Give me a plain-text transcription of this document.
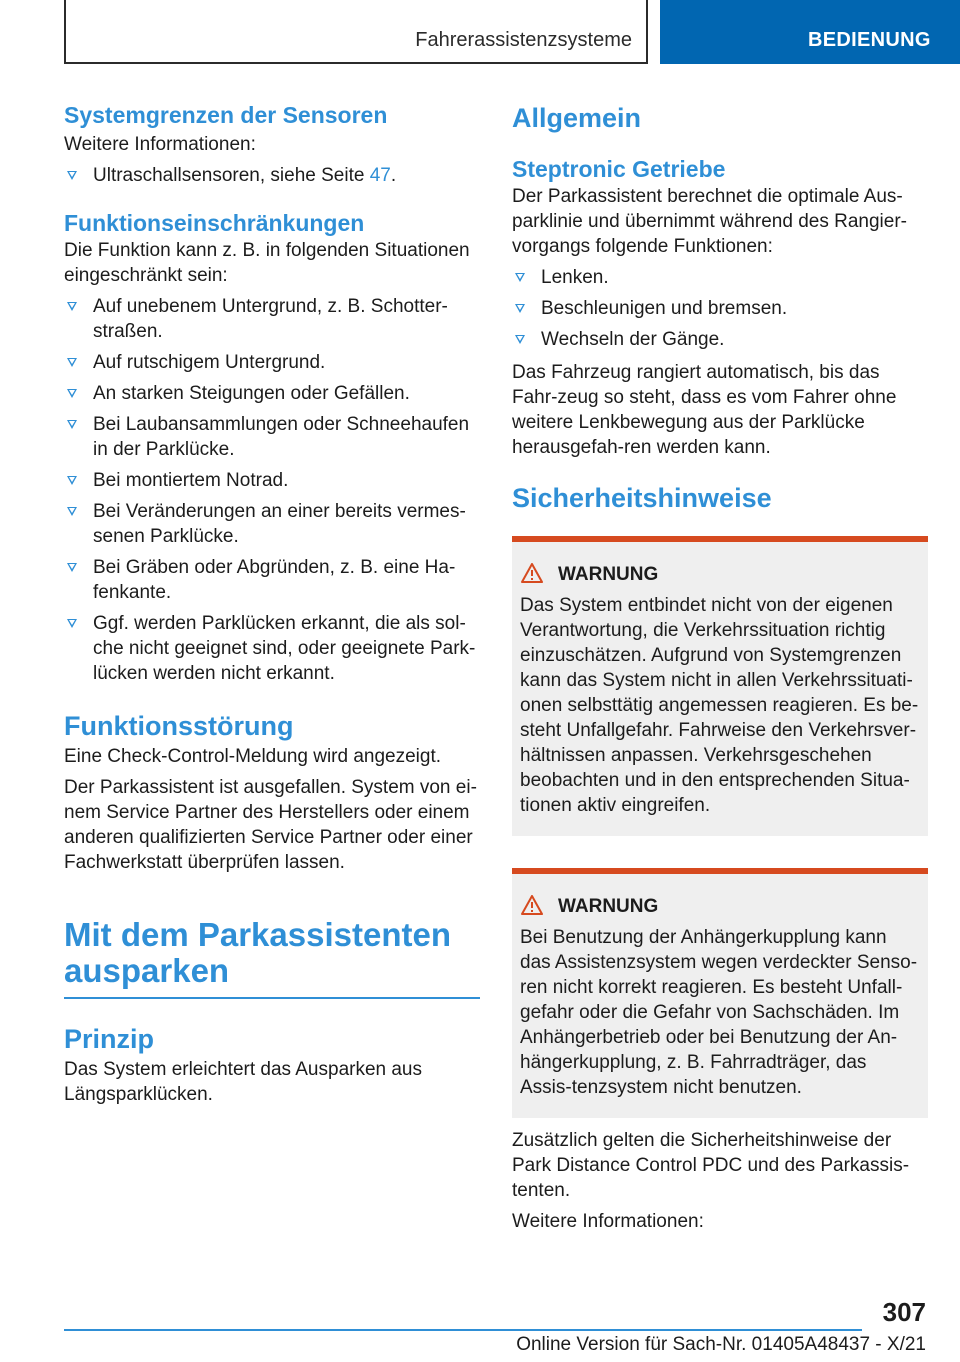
Fahrerassistenzsysteme	BEDIENUNG
Systemgrenzen der Sensoren

Weitere Informationen:

Ultraschallsensoren, siehe Seite 47.
Funktionseinschränkungen

Die Funktion kann z. B. in folgenden Situationen eingeschränkt sein:

Auf unebenem Untergrund, z. B. Schotter-straßen.
Auf rutschigem Untergrund.
An starken Steigungen oder Gefällen.
Bei Laubansammlungen oder Schneehaufen in der Parklücke.
Bei montiertem Notrad.
Bei Veränderungen an einer bereits vermes-senen Parklücke.
Bei Gräben oder Abgründen, z. B. eine Ha-fenkante.
Ggf. werden Parklücken erkannt, die als sol-che nicht geeignet sind, oder geeignete Park-lücken werden nicht erkannt.
Funktionsstörung

Eine Check-Control-Meldung wird angezeigt.

Der Parkassistent ist ausgefallen. System von ei-nem Service Partner des Herstellers oder einem anderen qualifizierten Service Partner oder einer Fachwerkstatt überprüfen lassen.

Mit dem Parkassistenten ausparken
Prinzip

Das System erleichtert das Ausparken aus Längsparklücken.

Allgemein
Steptronic Getriebe

Der Parkassistent berechnet die optimale Aus-parklinie und übernimmt während des Rangier-vorgangs folgende Funktionen:

Lenken.
Beschleunigen und bremsen.
Wechseln der Gänge.

Das Fahrzeug rangiert automatisch, bis das Fahr-zeug so steht, dass es vom Fahrer ohne weitere Lenkbewegung aus der Parklücke herausgefah-ren werden kann.

Sicherheitshinweise
WARNUNG

Das System entbindet nicht von der eigenen Verantwortung, die Verkehrssituation richtig einzuschätzen. Aufgrund von Systemgrenzen kann das System nicht in allen Verkehrssituati-onen selbsttätig angemessen reagieren. Es be-steht Unfallgefahr. Fahrweise den Verkehrsver-hältnissen anpassen. Verkehrsgeschehen beobachten und in den entsprechenden Situa-tionen aktiv eingreifen.

WARNUNG

Bei Benutzung der Anhängerkupplung kann das Assistenzsystem wegen verdeckter Senso-ren nicht korrekt reagieren. Es besteht Unfall-gefahr oder die Gefahr von Sachschäden. Im Anhängerbetrieb oder bei Benutzung der An-hängerkupplung, z. B. Fahrradträger, das Assis-tenzsystem nicht benutzen.

Zusätzlich gelten die Sicherheitshinweise der Park Distance Control PDC und des Parkassis-tenten.

Weitere Informationen:

307
Online Version für Sach-Nr. 01405A48437 - X/21
